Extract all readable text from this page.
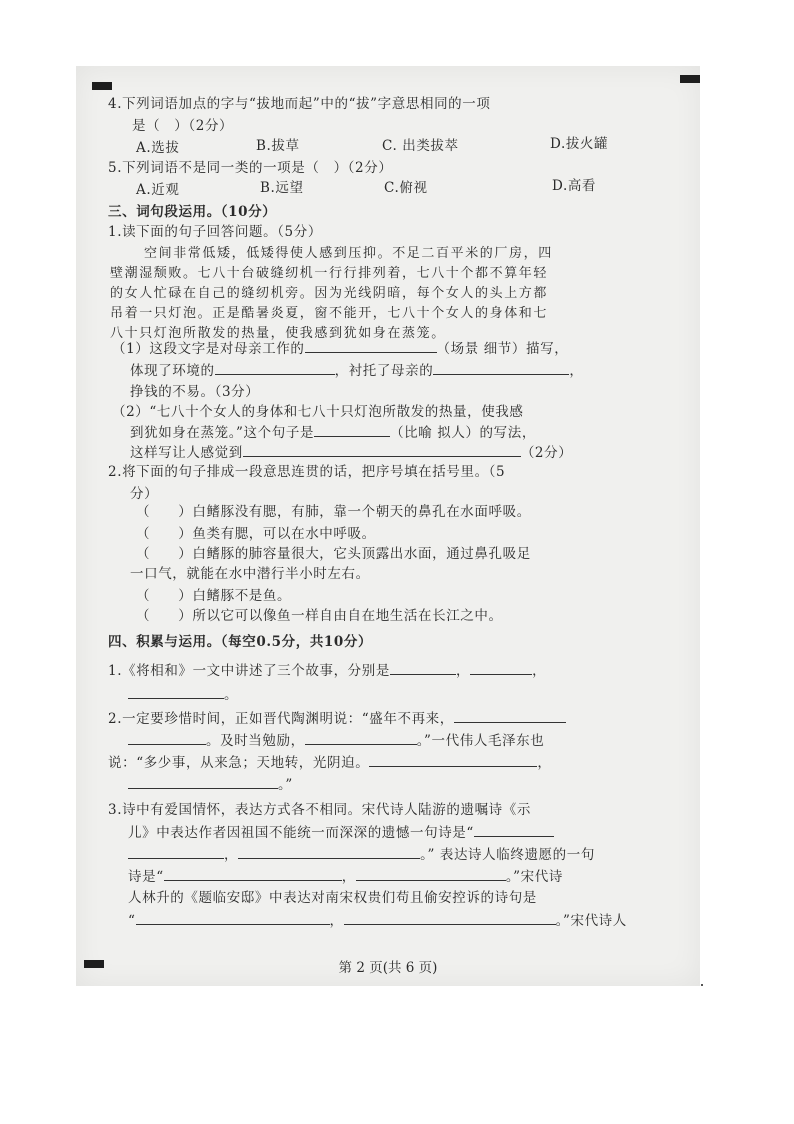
4.下列词语加点的字与“拔地而起”中的“拔”字意思相同的一项
是（　）（2分）
A.选拔	B.拔草	C. 出类拔萃	D.拔火罐
5.下列词语不是同一类的一项是（　）（2分）
A.近观	B.远望	C.俯视	D.高看
三、词句段运用。（10分）
1.读下面的句子回答问题。（5分）
空间非常低矮，低矮得使人感到压抑。不足二百平米的厂房，四
壁潮湿颓败。七八十台破缝纫机一行行排列着，七八十个都不算年轻
的女人忙碌在自己的缝纫机旁。因为光线阴暗，每个女人的头上方都
吊着一只灯泡。正是酷暑炎夏，窗不能开，七八十个女人的身体和七
八十只灯泡所散发的热量，使我感到犹如身在蒸笼。
（1）这段文字是对母亲工作的	（场景 细节）描写，
体现了环境的	，衬托了母亲的	，
挣钱的不易。（3分）
（2）“七八十个女人的身体和七八十只灯泡所散发的热量，使我感
到犹如身在蒸笼。”这个句子是	（比喻 拟人）的写法，
这样写让人感觉到	（2分）
2.将下面的句子排成一段意思连贯的话，把序号填在括号里。（5
分）
（　　）白鳍豚没有腮，有肺，靠一个朝天的鼻孔在水面呼吸。
（　　）鱼类有腮，可以在水中呼吸。
（　　）白鳍豚的肺容量很大，它头顶露出水面，通过鼻孔吸足
一口气，就能在水中潜行半小时左右。
（　　）白鳍豚不是鱼。
（　　）所以它可以像鱼一样自由自在地生活在长江之中。
四、积累与运用。（每空0.5分，共10分）
1.《将相和》一文中讲述了三个故事，分别是	，	，
。
2.一定要珍惜时间，正如晋代陶渊明说：“盛年不再来，
。及时当勉励，	。”一代伟人毛泽东也
说：“多少事，从来急；天地转，光阴迫。	，
。”
3.诗中有爱国情怀，表达方式各不相同。宋代诗人陆游的遗嘱诗《示
儿》中表达作者因祖国不能统一而深深的遗憾一句诗是“
，	。” 表达诗人临终遗愿的一句
诗是“	，	。”宋代诗
人林升的《题临安邸》中表达对南宋权贵们苟且偷安控诉的诗句是
“	，	。”宋代诗人
第 2 页(共 6 页)
